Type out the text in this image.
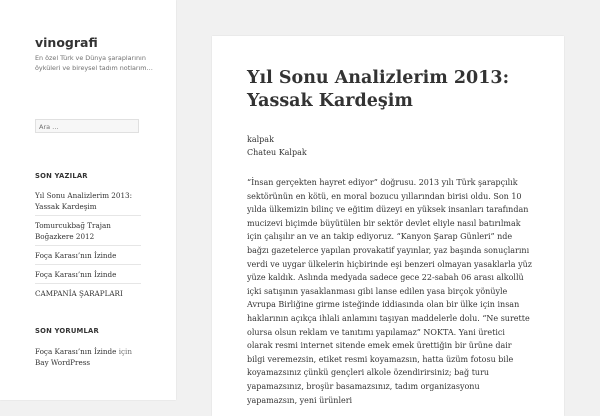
vinografi

En özel Türk ve Dünya şaraplarının öyküleri ve bireysel tadım notlarım…

Ara …
SON YAZILAR
Yıl Sonu Analizlerim 2013: Yassak Kardeşim
Tomurcukbağ Trajan Boğazkere 2012
Foça Karası’nın İzinde
Foça Karası’nın İzinde
CAMPANİA ŞARAPLARI
SON YORUMLAR

Foça Karası’nın İzinde için Bay WordPress

Yıl Sonu Analizlerim 2013: Yassak Kardeşim

kalpak
Chateu Kalpak

“İnsan gerçekten hayret ediyor” doğrusu. 2013 yılı Türk şarapçılık sektörünün en kötü, en moral bozucu yıllarından birisi oldu. Son 10 yılda ülkemizin bilinç ve eğitim düzeyi en yüksek insanları tarafından mucizevi biçimde büyütülen bir sektör devlet eliyle nasıl batırılmak için çalışılır an ve an takip ediyoruz. “Kanyon Şarap Günleri” nde bağzı gazetelerce yapılan provakatif yayınlar, yaz başında sonuçlarını verdi ve uygar ülkelerin hiçbirinde eşi benzeri olmayan yasaklarla yüz yüze kaldık. Aslında medyada sadece gece 22-sabah 06 arası alkollü içki satışının yasaklanması gibi lanse edilen yasa birçok yönüyle Avrupa Birliğine girme isteğinde iddiasında olan bir ülke için insan haklarının açıkça ihlali anlamını taşıyan maddelerle dolu. “Ne surette olursa olsun reklam ve tanıtımı yapılamaz” NOKTA. Yani üretici olarak resmi internet sitende emek emek ürettiğin bir ürüne dair bilgi veremezsin, etiket resmi koyamazsın, hatta üzüm fotosu bile koyamazsınız çünkü gençleri alkole özendirirsiniz; bağ turu yapamazsınız, broşür basamazsınız, tadım organizasyonu yapamazsın, yeni ürünleri
